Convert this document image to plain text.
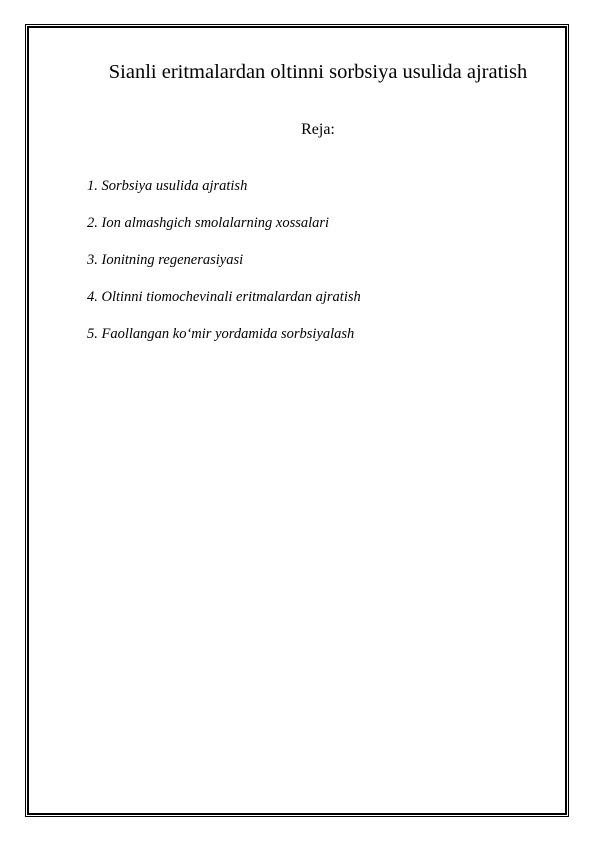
Sianli eritmalardan oltinni sorbsiya usulida ajratish
Reja:
1. Sorbsiya usulida ajratish
2. Ion almashgich smolalarning xossalari
3. Ionitning regenerasiyasi
4. Oltinni tiomochevinali eritmalardan ajratish
5. Faollangan ko‘mir yordamida sorbsiyalash
